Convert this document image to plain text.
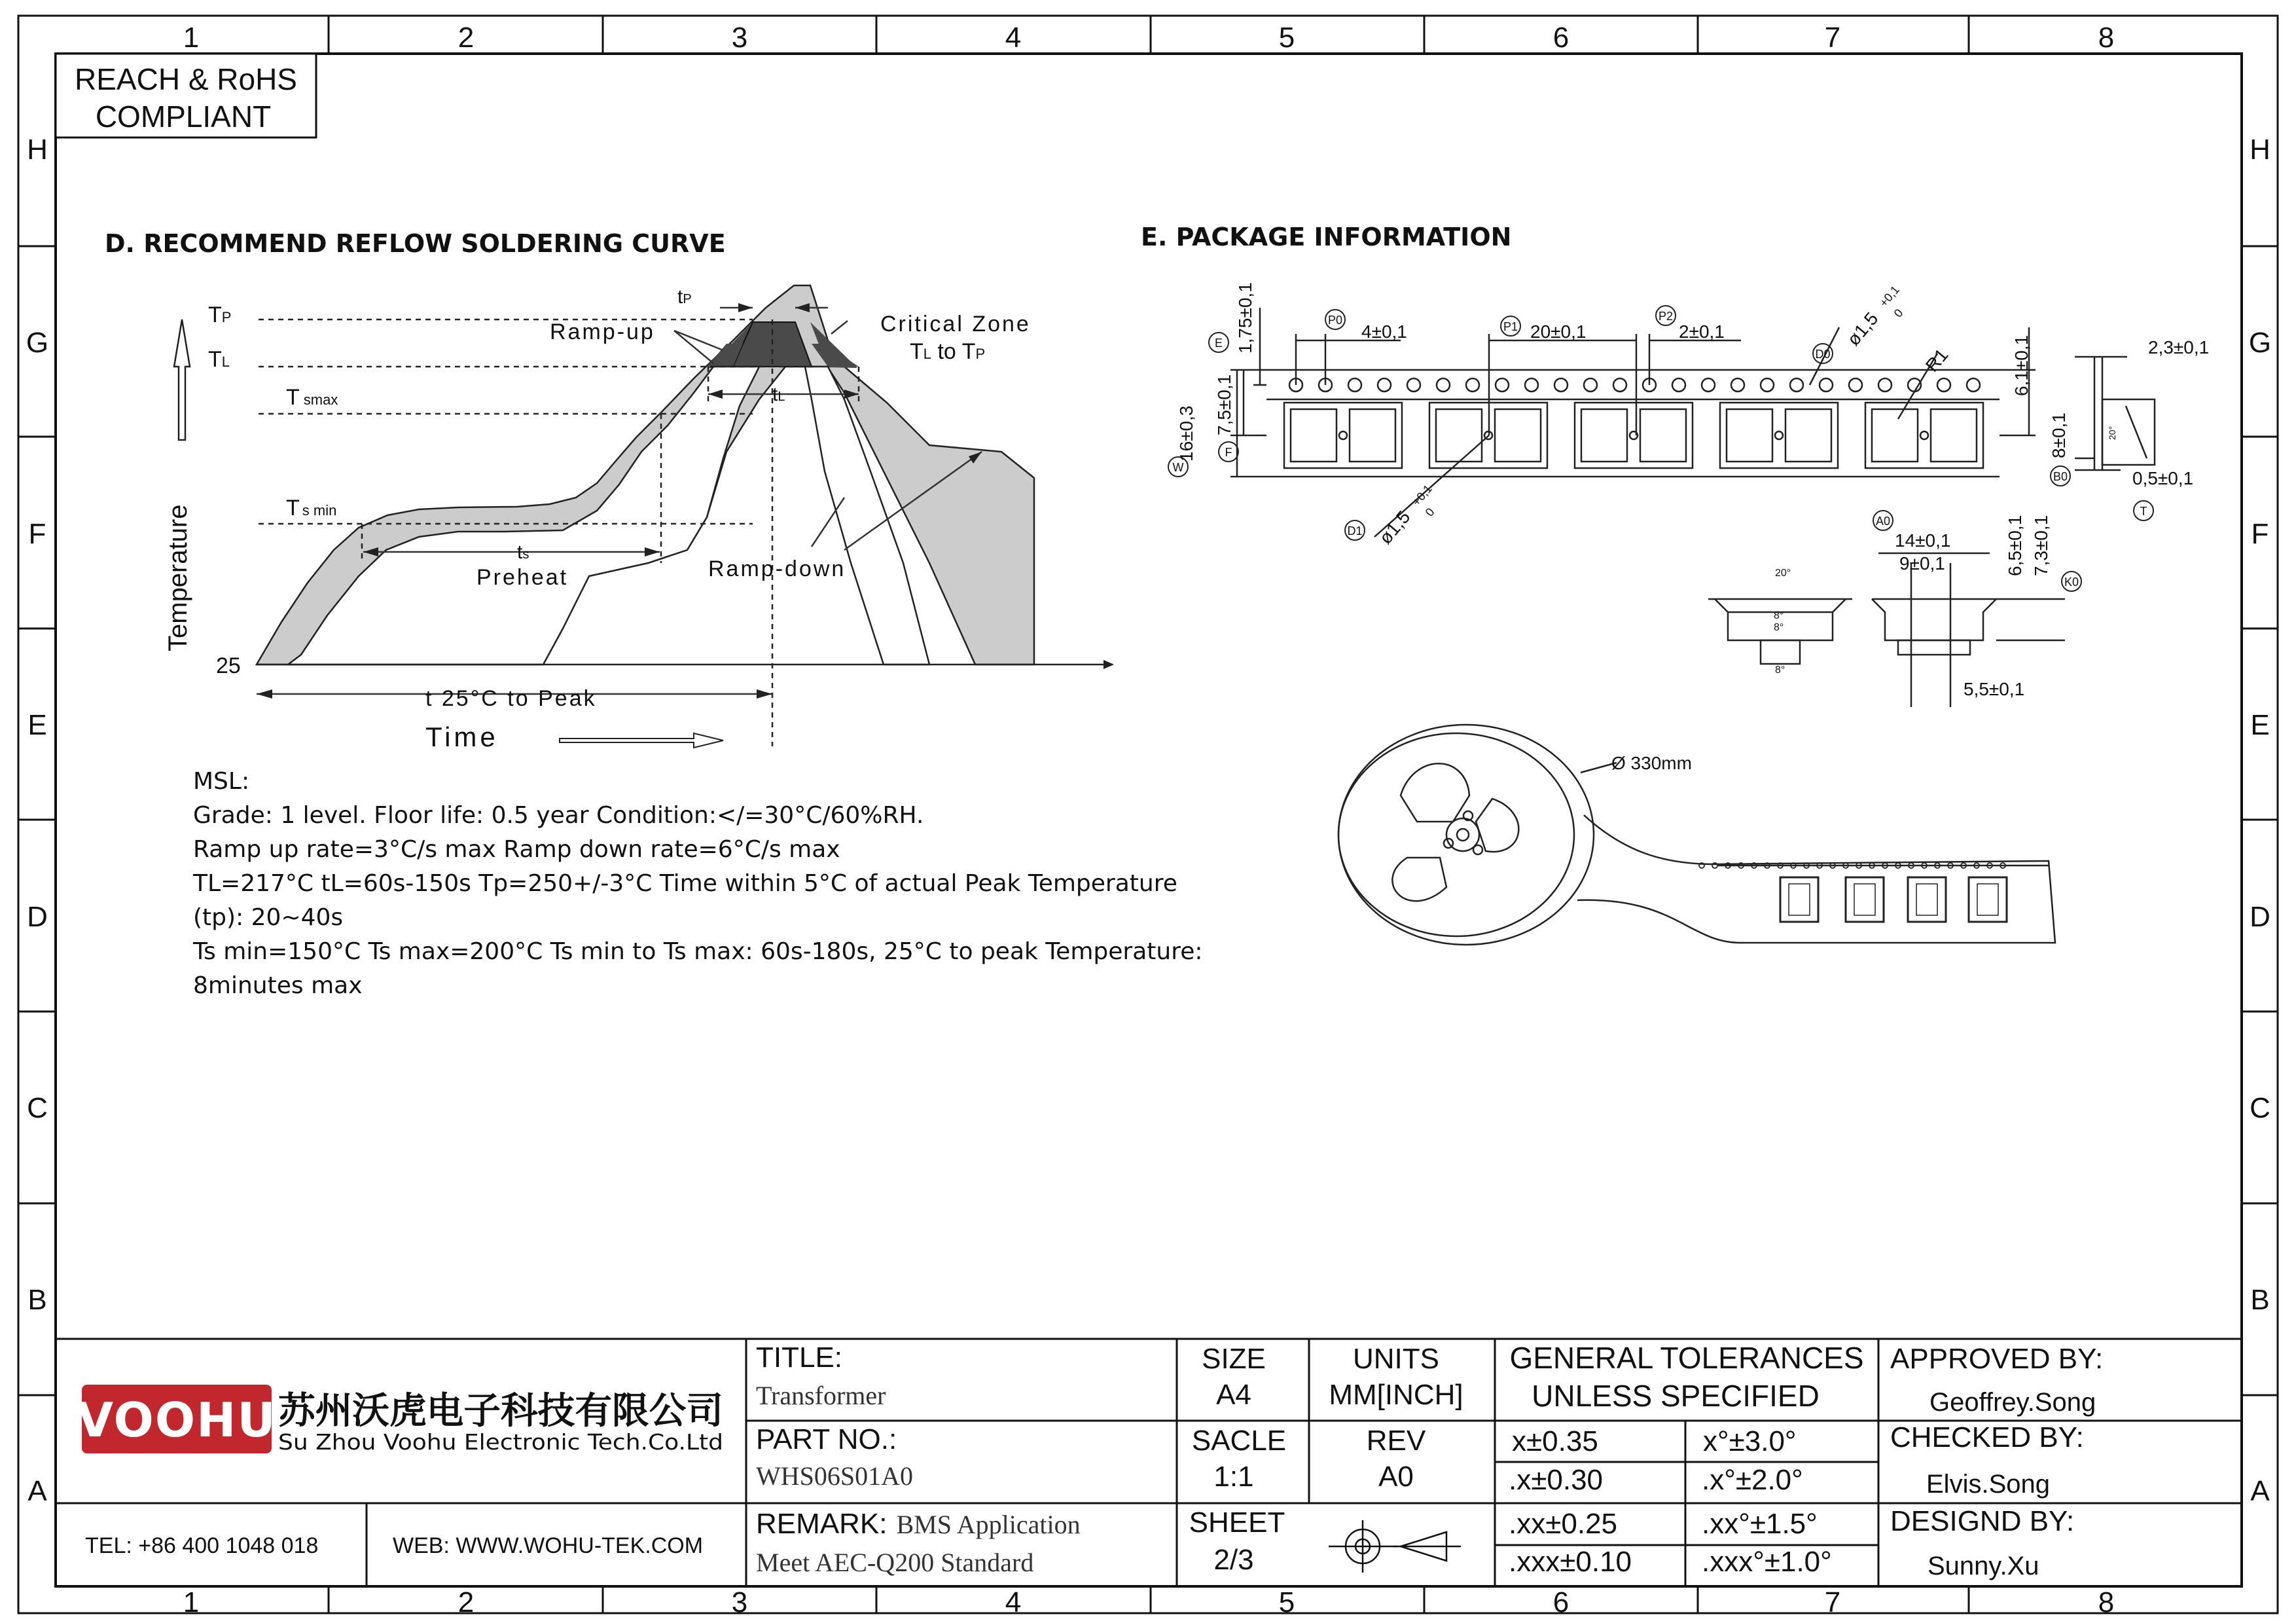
1	2	3	4	5	6	7	8
1	2	3	4	5	6	7	8
H
G
F
E
D
C
B
A
H
G
F
E
D
C
B
A
REACH & RoHS
COMPLIANT
D. RECOMMEND REFLOW SOLDERING CURVE
TP
TL
Tsmax
Ts min
tP
tL
ts
Ramp-up	Critical Zone
TL to TP
Preheat	Ramp-down
Temperature
25
t 25°C to Peak
Time
E. PACKAGE INFORMATION
1,75±0,1
16±0,3 7,5±0,1
4±0,1	20±0,1	2±0,1	ø1,5
+0,1
0
ø1,5
+0,1
0
R1	6,1±0,1
8±0,1
2,3±0,1
0,5±0,1
E
W
F
P0	P1
P2
D0
D1
B0
T
A0
K0
20°
20°
8°
8°
8°
14±0,1
9±0,1	6,5±0,1 7,3±0,1
5,5±0,1
Ø 330mm
VOOHU 苏州沃虎电子科技有限公司
Su Zhou Voohu Electronic Tech.Co.Ltd
TEL: +86 400 1048 018	WEB: WWW.WOHU-TEK.COM
TITLE:
Transformer
PART NO.:
WHS06S01A0
REMARK: BMS Application
Meet AEC-Q200 Standard
SIZE
A4
UNITS
MM[INCH]
SACLE
1:1
REV
A0
SHEET
2/3
GENERAL TOLERANCES
UNLESS SPECIFIED
x±0.35	x°±3.0°
.x±0.30	.x°±2.0°
.xx±0.25	.xx°±1.5°
.xxx±0.10 .xxx°±1.0°
APPROVED BY:
Geoffrey.Song
CHECKED BY:
Elvis.Song
DESIGND BY:
Sunny.Xu
MSL:
Grade: 1 level. Floor life: 0.5 year Condition:</=30°C/60%RH.
Ramp up rate=3°C/s max Ramp down rate=6°C/s max
TL=217°C tL=60s-150s Tp=250+/-3°C Time within 5°C of actual Peak Temperature
(tp): 20~40s
Ts min=150°C Ts max=200°C Ts min to Ts max: 60s-180s, 25°C to peak Temperature:
8minutes max
